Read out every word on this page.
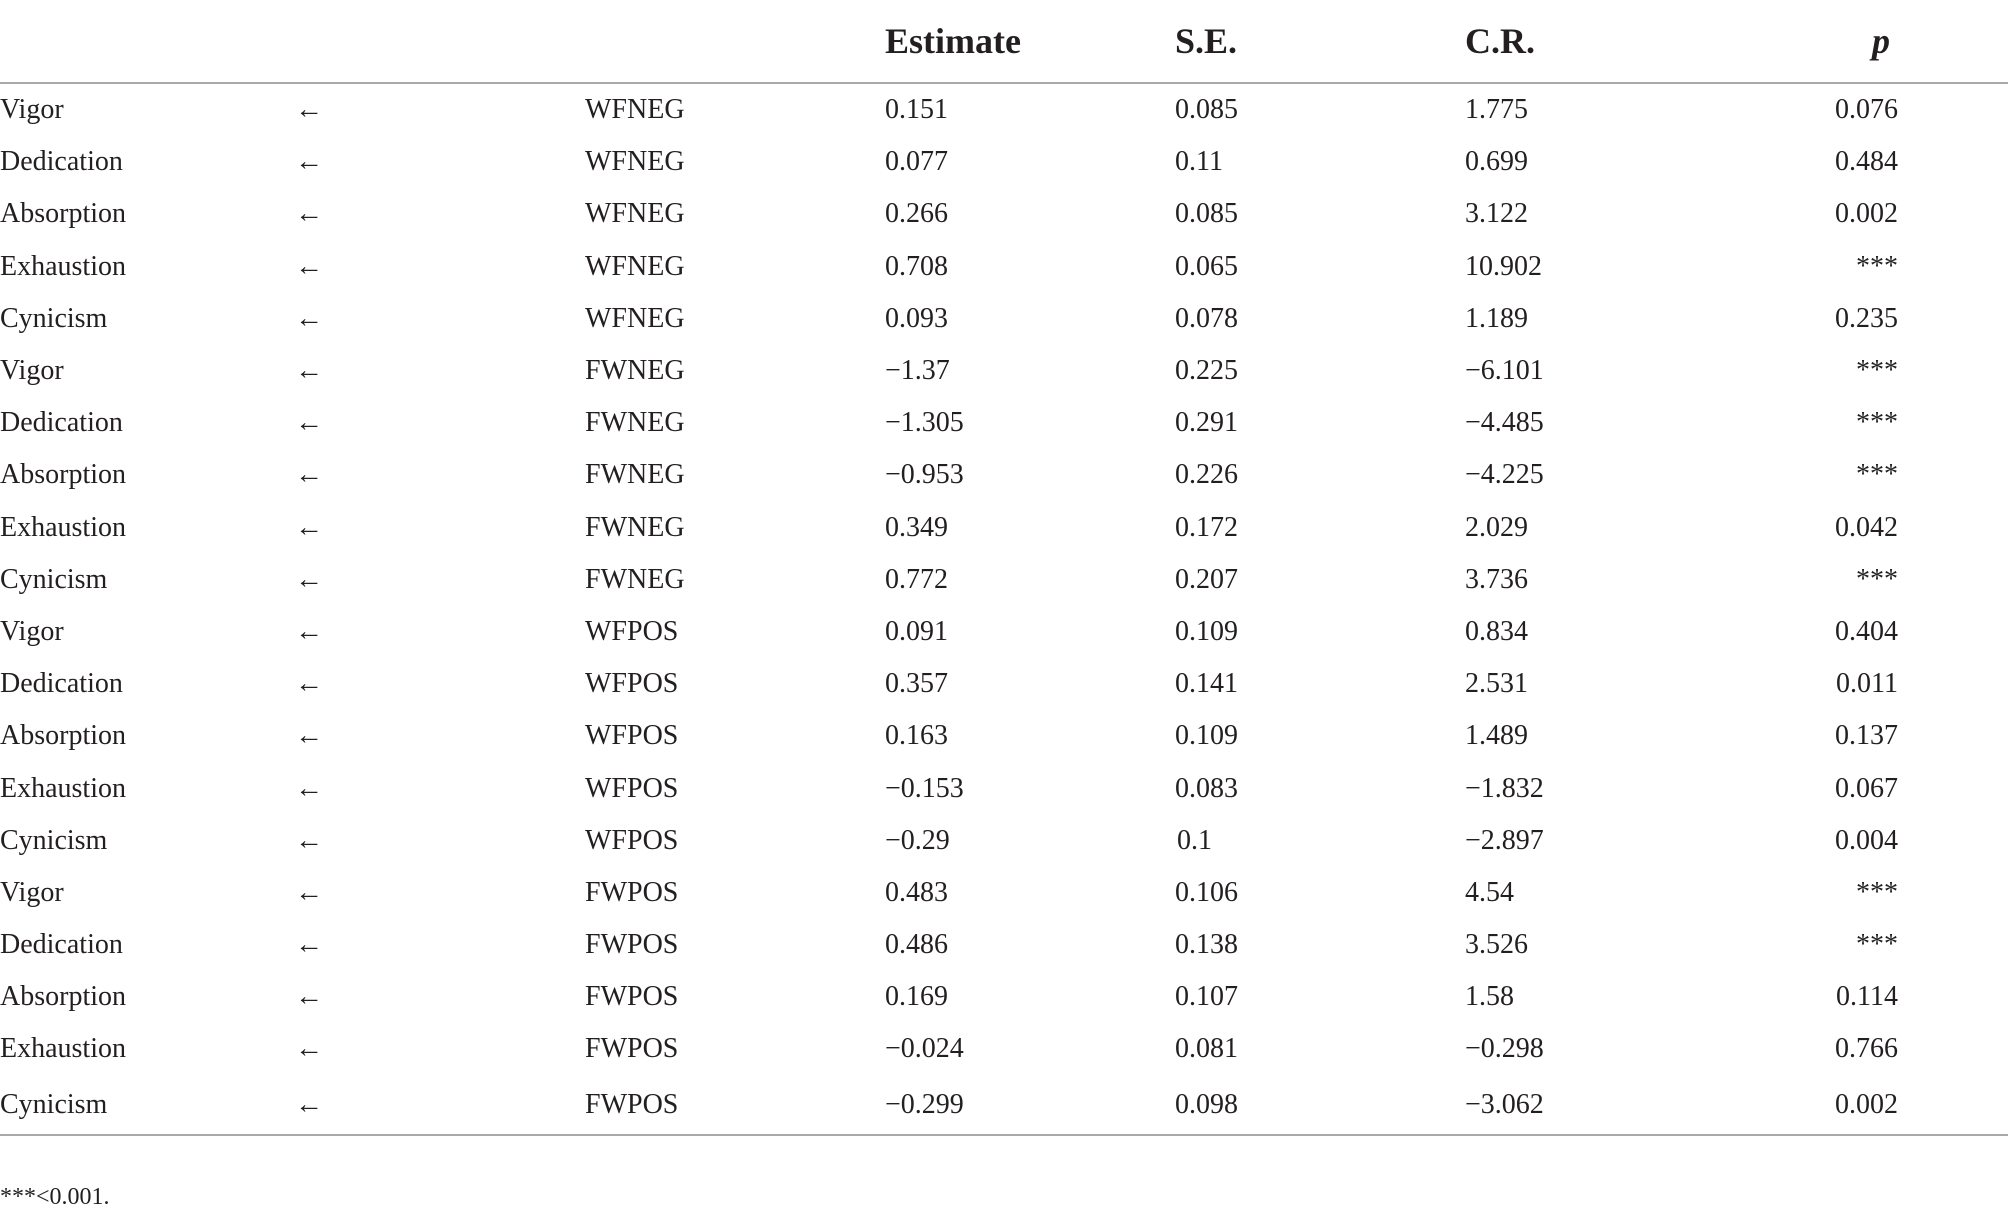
			Estimate	S.E.	C.R.	p
Vigor	←	WFNEG	0.151	0.085	1.775	0.076
Dedication	←	WFNEG	0.077	0.11	0.699	0.484
Absorption	←	WFNEG	0.266	0.085	3.122	0.002
Exhaustion	←	WFNEG	0.708	0.065	10.902	***
Cynicism	←	WFNEG	0.093	0.078	1.189	0.235
Vigor	←	FWNEG	−1.37	0.225	−6.101	***
Dedication	←	FWNEG	−1.305	0.291	−4.485	***
Absorption	←	FWNEG	−0.953	0.226	−4.225	***
Exhaustion	←	FWNEG	0.349	0.172	2.029	0.042
Cynicism	←	FWNEG	0.772	0.207	3.736	***
Vigor	←	WFPOS	0.091	0.109	0.834	0.404
Dedication	←	WFPOS	0.357	0.141	2.531	0.011
Absorption	←	WFPOS	0.163	0.109	1.489	0.137
Exhaustion	←	WFPOS	−0.153	0.083	−1.832	0.067
Cynicism	←	WFPOS	−0.29	0.1	−2.897	0.004
Vigor	←	FWPOS	0.483	0.106	4.54	***
Dedication	←	FWPOS	0.486	0.138	3.526	***
Absorption	←	FWPOS	0.169	0.107	1.58	0.114
Exhaustion	←	FWPOS	−0.024	0.081	−0.298	0.766
Cynicism	←	FWPOS	−0.299	0.098	−3.062	0.002
***<0.001.
